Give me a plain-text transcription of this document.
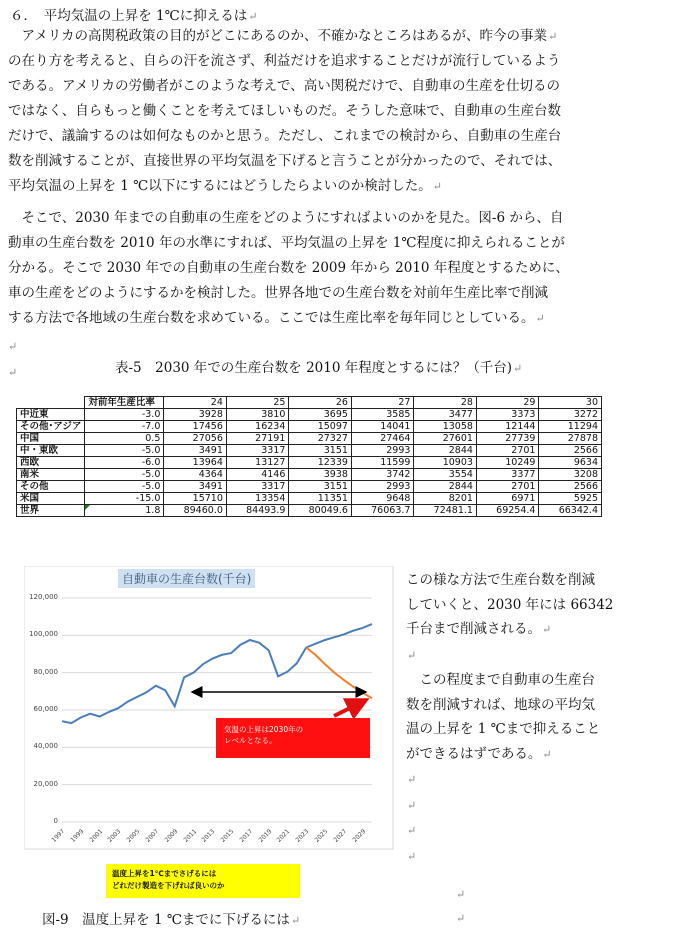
６．　平均気温の上昇を 1℃に抑えるは↵
　アメリカの高関税政策の目的がどこにあるのか、不確かなところはあるが、昨今の事業↵
の在り方を考えると、自らの汗を流さず、利益だけを追求することだけが流行しているよう
である。アメリカの労働者がこのような考えで、高い関税だけで、自動車の生産を仕切るの
ではなく、自らもっと働くことを考えてほしいものだ。そうした意味で、自動車の生産台数
だけで、議論するのは如何なものかと思う。ただし、これまでの検討から、自動車の生産台
数を削減することが、直接世界の平均気温を下げると言うことが分かったので、それでは、
平均気温の上昇を 1 ℃以下にするにはどうしたらよいのか検討した。↵
　そこで、2030 年までの自動車の生産をどのようにすればよいのかを見た。図-6 から、自
動車の生産台数を 2010 年の水準にすれば、平均気温の上昇を 1℃程度に抑えられることが
分かる。そこで 2030 年での自動車の生産台数を 2009 年から 2010 年程度とするために、
車の生産をどのようにするかを検討した。世界各地での生産台数を対前年生産比率で削減
する方法で各地域の生産台数を求めている。ここでは生産比率を毎年同じとしている。↵
↵
↵	表-5　2030 年での生産台数を 2010 年程度とするには？（千台)↵
	対前年生産比率	24	25	26	27	28	29	30
中近東	-3.0	3928	3810	3695	3585	3477	3373	3272
その他･アジア	-7.0	17456	16234	15097	14041	13058	12144	11294
中国	0.5	27056	27191	27327	27464	27601	27739	27878
中・東欧	-5.0	3491	3317	3151	2993	2844	2701	2566
西欧	-6.0	13964	13127	12339	11599	10903	10249	9634
南米	-5.0	4364	4146	3938	3742	3554	3377	3208
その他	-5.0	3491	3317	3151	2993	2844	2701	2566
米国	-15.0	15710	13354	11351	9648	8201	6971	5925
世界	1.8	89460.0	84493.9	80049.6	76063.7	72481.1	69254.4	66342.4
自動車の生産台数(千台)
0
20,000
40,000
60,000
80,000
100,000
120,000
1997 1999 2001 2003 2005 2007 2009 2011 2013 2015 2017 2019 2021 2023 2025 2027 2029
気温の上昇は2030年の
レベルとなる。
温度上昇を1℃までさげるには
どれだけ製造を下げれば良いのか
この様な方法で生産台数を削減
していくと、2030 年には 66342
千台まで削減される。↵
↵
　この程度まで自動車の生産台
数を削減すれば、地球の平均気
温の上昇を 1 ℃まで抑えること
ができるはずである。↵
↵
↵
↵
↵
↵
↵
図-9　温度上昇を 1 ℃までに下げるには↵
